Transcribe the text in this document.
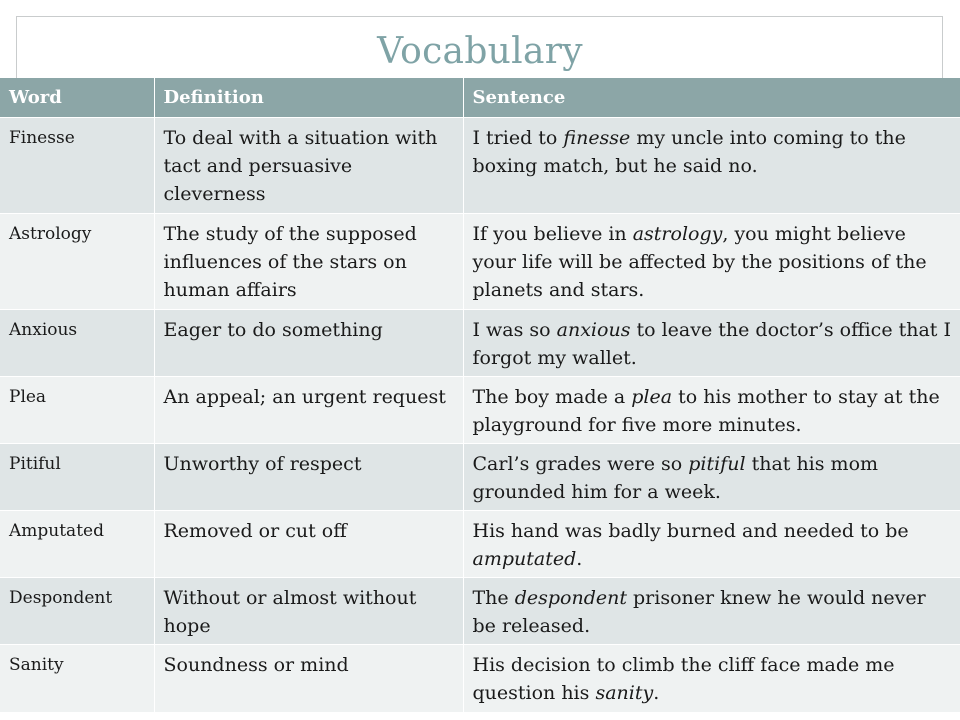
Vocabulary
Word	Definition	Sentence
Finesse	To deal with a situation with tact and persuasive cleverness	I tried to finesse my uncle into coming to the boxing match, but he said no.
Astrology	The study of the supposed influences of the stars on human affairs	If you believe in astrology, you might believe your life will be affected by the positions of the planets and stars.
Anxious	Eager to do something	I was so anxious to leave the doctor’s office that I forgot my wallet.
Plea	An appeal; an urgent request	The boy made a plea to his mother to stay at the playground for five more minutes.
Pitiful	Unworthy of respect	Carl’s grades were so pitiful that his mom grounded him for a week.
Amputated	Removed or cut off	His hand was badly burned and needed to be amputated.
Despondent	Without or almost without hope	The despondent prisoner knew he would never be released.
Sanity	Soundness or mind	His decision to climb the cliff face made me question his sanity.
